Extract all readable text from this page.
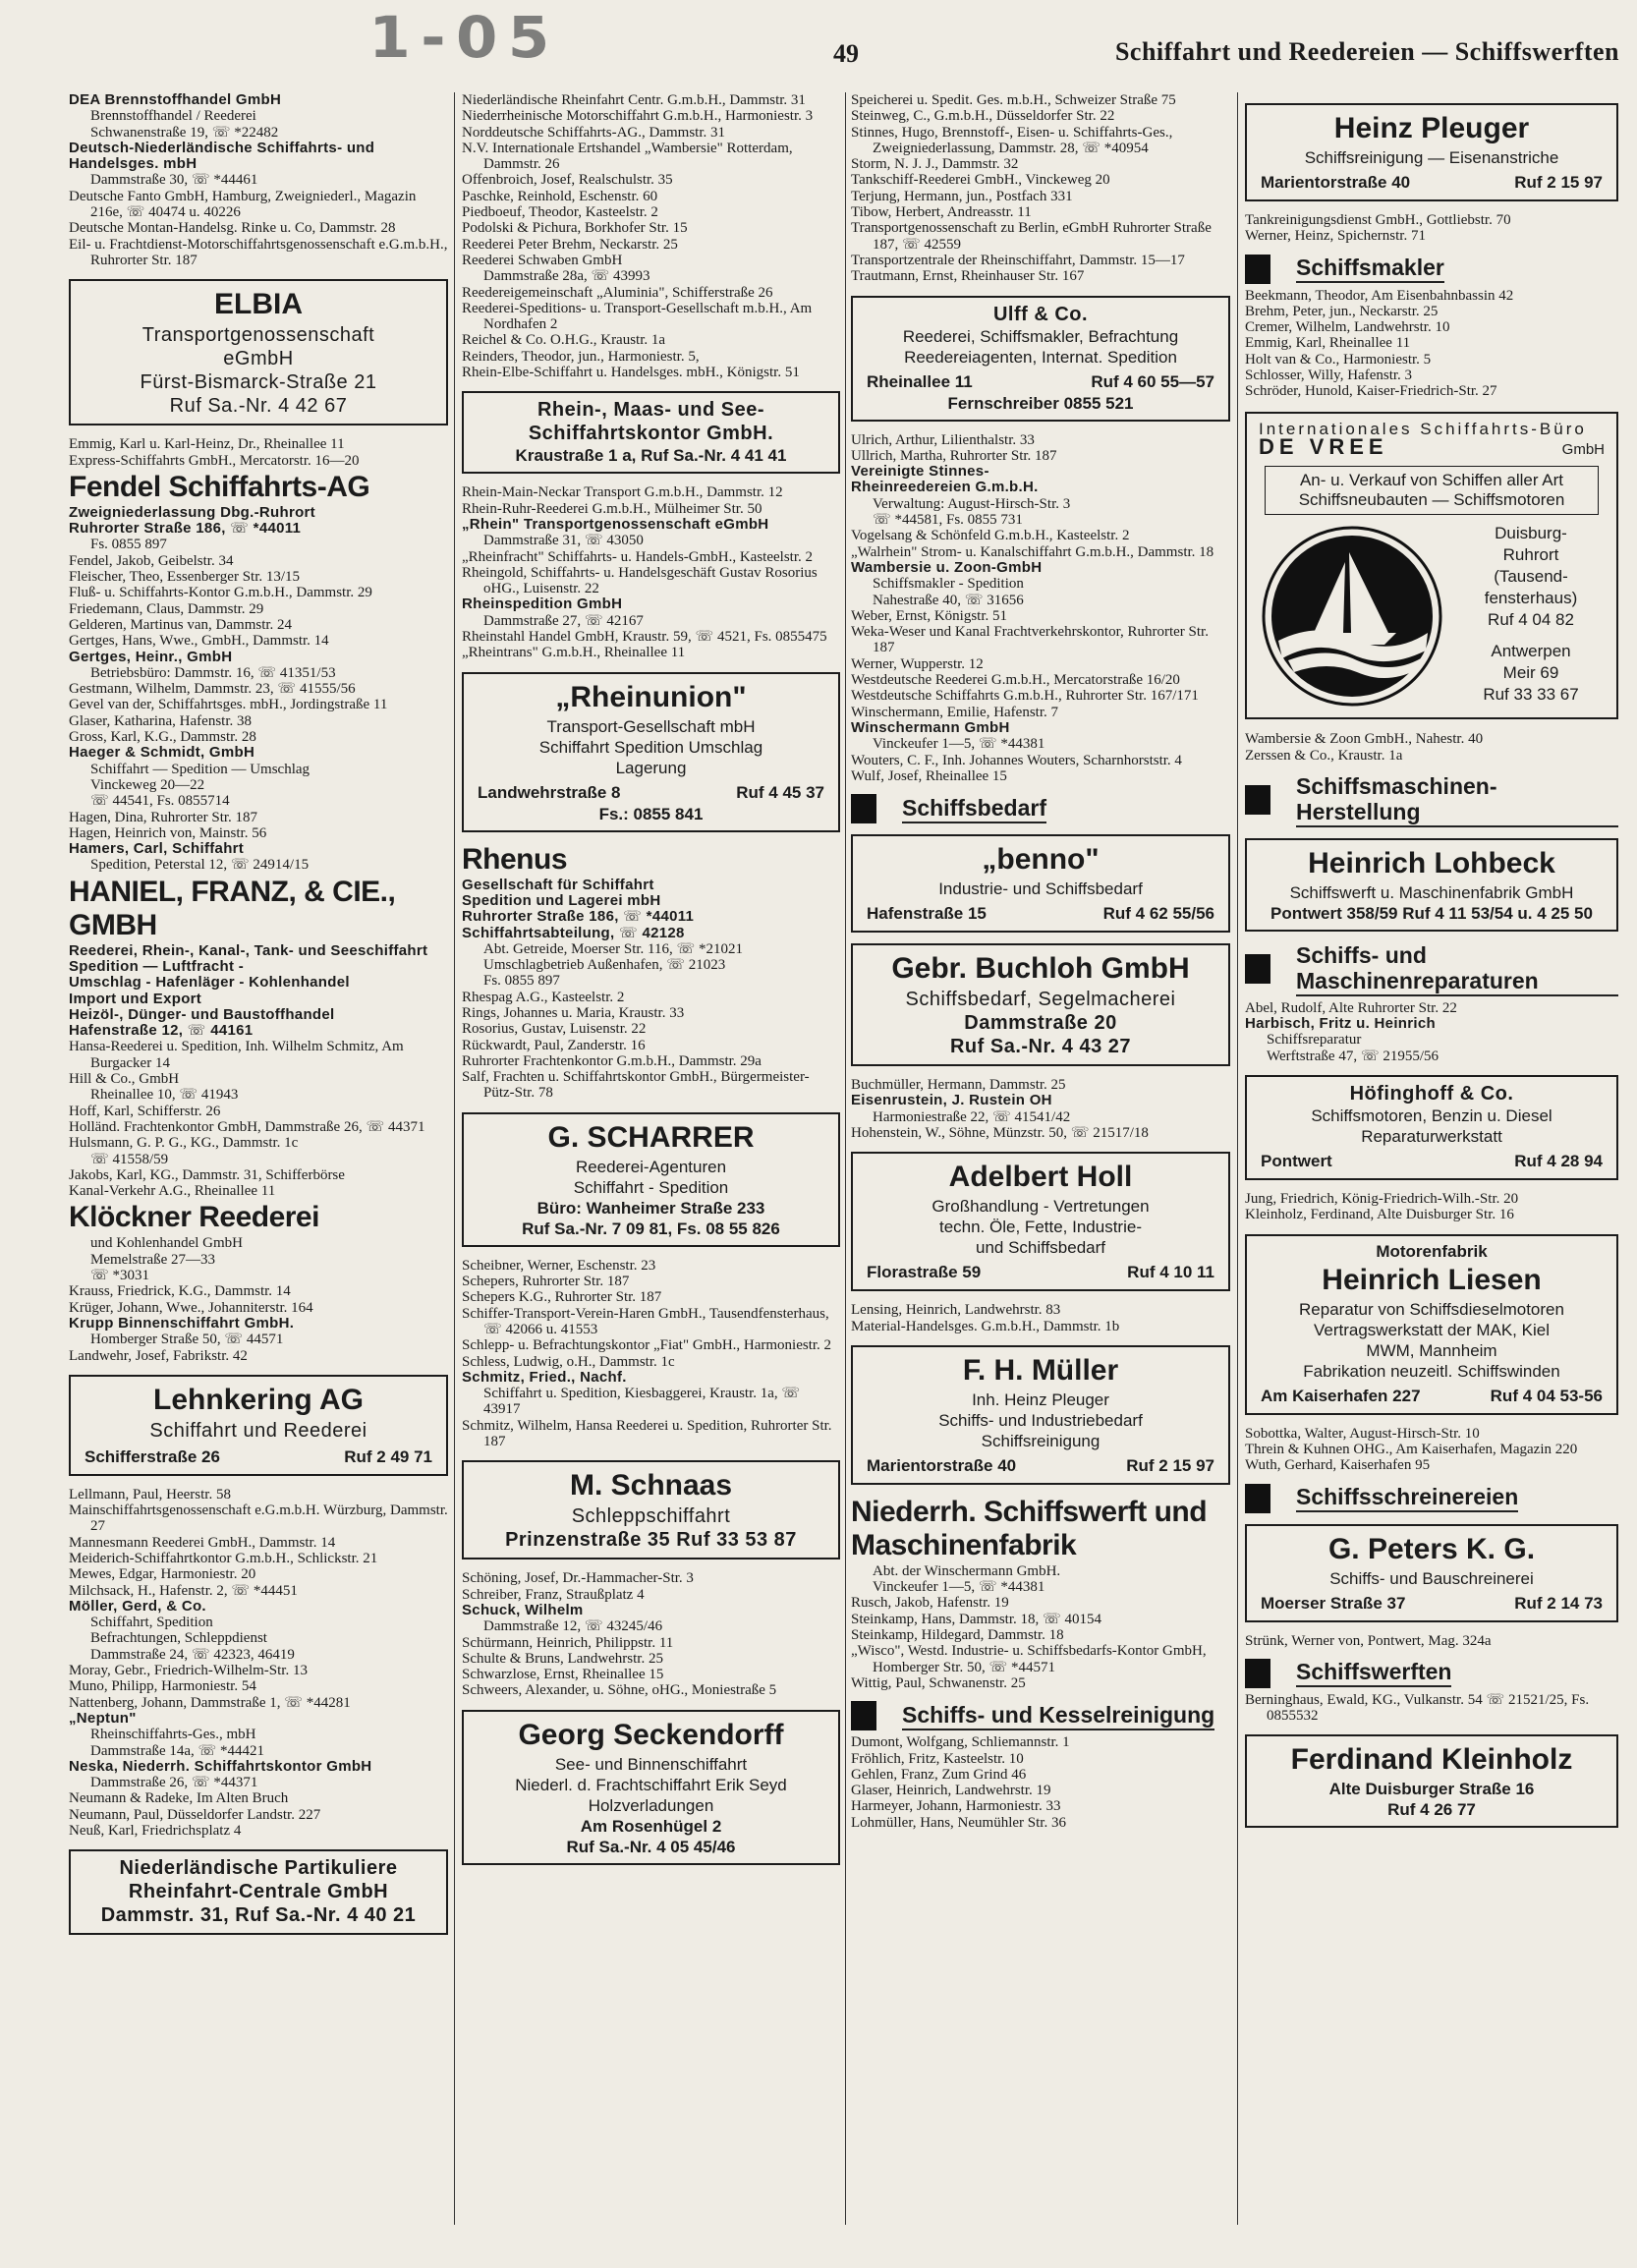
1-05	49	Schiffahrt und Reedereien — Schiffswerften
DEA Brennstoffhandel GmbH
Brennstoffhandel / Reederei
Schwanenstraße 19, ☏ *22482
Deutsch-Niederländische Schiffahrts- und Handelsges. mbH
Dammstraße 30, ☏ *44461
Deutsche Fanto GmbH, Hamburg, Zweigniederl., Magazin 216e, ☏ 40474 u. 40226
Deutsche Montan-Handelsg. Rinke u. Co, Dammstr. 28
Eil- u. Frachtdienst-Motorschiffahrtsgenossenschaft e.G.m.b.H., Ruhrorter Str. 187
ELBIA
Transportgenossenschaft
eGmbH
Fürst-Bismarck-Straße 21
Ruf Sa.-Nr. 4 42 67
Emmig, Karl u. Karl-Heinz, Dr., Rheinallee 11
Express-Schiffahrts GmbH., Mercatorstr. 16—20
Fendel Schiffahrts-AG
Zweigniederlassung Dbg.-Ruhrort
Ruhrorter Straße 186, ☏ *44011
Fs. 0855 897
Fendel, Jakob, Geibelstr. 34
Fleischer, Theo, Essenberger Str. 13/15
Fluß- u. Schiffahrts-Kontor G.m.b.H., Dammstr. 29
Friedemann, Claus, Dammstr. 29
Gelderen, Martinus van, Dammstr. 24
Gertges, Hans, Wwe., GmbH., Dammstr. 14
Gertges, Heinr., GmbH
Betriebsbüro: Dammstr. 16, ☏ 41351/53
Gestmann, Wilhelm, Dammstr. 23, ☏ 41555/56
Gevel van der, Schiffahrtsges. mbH., Jordingstraße 11
Glaser, Katharina, Hafenstr. 38
Gross, Karl, K.G., Dammstr. 28
Haeger & Schmidt, GmbH
Schiffahrt — Spedition — Umschlag
Vinckeweg 20—22
☏ 44541, Fs. 0855714
Hagen, Dina, Ruhrorter Str. 187
Hagen, Heinrich von, Mainstr. 56
Hamers, Carl, Schiffahrt
Spedition, Peterstal 12, ☏ 24914/15
HANIEL, FRANZ, & CIE., GMBH
Reederei, Rhein-, Kanal-, Tank- und Seeschiffahrt
Spedition — Luftfracht -
Umschlag - Hafenläger - Kohlenhandel
Import und Export
Heizöl-, Dünger- und Baustoffhandel
Hafenstraße 12, ☏ 44161
Hansa-Reederei u. Spedition, Inh. Wilhelm Schmitz, Am Burgacker 14
Hill & Co., GmbH
Rheinallee 10, ☏ 41943
Hoff, Karl, Schifferstr. 26
Holländ. Frachtenkontor GmbH, Dammstraße 26, ☏ 44371
Hulsmann, G. P. G., KG., Dammstr. 1c
☏ 41558/59
Jakobs, Karl, KG., Dammstr. 31, Schifferbörse
Kanal-Verkehr A.G., Rheinallee 11
Klöckner Reederei
und Kohlenhandel GmbH
Memelstraße 27—33
☏ *3031
Krauss, Friedrick, K.G., Dammstr. 14
Krüger, Johann, Wwe., Johanniterstr. 164
Krupp Binnenschiffahrt GmbH.
Homberger Straße 50, ☏ 44571
Landwehr, Josef, Fabrikstr. 42
Lehnkering AG
Schiffahrt und Reederei
Schifferstraße 26	Ruf 2 49 71
Lellmann, Paul, Heerstr. 58
Mainschiffahrtsgenossenschaft e.G.m.b.H. Würzburg, Dammstr. 27
Mannesmann Reederei GmbH., Dammstr. 14
Meiderich-Schiffahrtkontor G.m.b.H., Schlickstr. 21
Mewes, Edgar, Harmoniestr. 20
Milchsack, H., Hafenstr. 2, ☏ *44451
Möller, Gerd, & Co.
Schiffahrt, Spedition
Befrachtungen, Schleppdienst
Dammstraße 24, ☏ 42323, 46419
Moray, Gebr., Friedrich-Wilhelm-Str. 13
Muno, Philipp, Harmoniestr. 54
Nattenberg, Johann, Dammstraße 1, ☏ *44281
„Neptun"
Rheinschiffahrts-Ges., mbH
Dammstraße 14a, ☏ *44421
Neska, Niederrh. Schiffahrtskontor GmbH
Dammstraße 26, ☏ *44371
Neumann & Radeke, Im Alten Bruch
Neumann, Paul, Düsseldorfer Landstr. 227
Neuß, Karl, Friedrichsplatz 4
Niederländische Partikuliere
Rheinfahrt-Centrale GmbH
Dammstr. 31, Ruf Sa.-Nr. 4 40 21
Niederländische Rheinfahrt Centr. G.m.b.H., Dammstr. 31
Niederrheinische Motorschiffahrt G.m.b.H., Harmoniestr. 3
Norddeutsche Schiffahrts-AG., Dammstr. 31
N.V. Internationale Ertshandel „Wambersie" Rotterdam, Dammstr. 26
Offenbroich, Josef, Realschulstr. 35
Paschke, Reinhold, Eschenstr. 60
Piedboeuf, Theodor, Kasteelstr. 2
Podolski & Pichura, Borkhofer Str. 15
Reederei Peter Brehm, Neckarstr. 25
Reederei Schwaben GmbH
Dammstraße 28a, ☏ 43993
Reedereigemeinschaft „Aluminia", Schifferstraße 26
Reederei-Speditions- u. Transport-Gesellschaft m.b.H., Am Nordhafen 2
Reichel & Co. O.H.G., Kraustr. 1a
Reinders, Theodor, jun., Harmoniestr. 5,
Rhein-Elbe-Schiffahrt u. Handelsges. mbH., Königstr. 51
Rhein-, Maas- und See-
Schiffahrtskontor GmbH.
Kraustraße 1 a, Ruf Sa.-Nr. 4 41 41
Rhein-Main-Neckar Transport G.m.b.H., Dammstr. 12
Rhein-Ruhr-Reederei G.m.b.H., Mülheimer Str. 50
„Rhein" Transportgenossenschaft eGmbH
Dammstraße 31, ☏ 43050
„Rheinfracht" Schiffahrts- u. Handels-GmbH., Kasteelstr. 2
Rheingold, Schiffahrts- u. Handelsgeschäft Gustav Rosorius oHG., Luisenstr. 22
Rheinspedition GmbH
Dammstraße 27, ☏ 42167
Rheinstahl Handel GmbH, Kraustr. 59, ☏ 4521, Fs. 0855475
„Rheintrans" G.m.b.H., Rheinallee 11
„Rheinunion"
Transport-Gesellschaft mbH
Schiffahrt Spedition Umschlag
Lagerung
Landwehrstraße 8	Ruf 4 45 37
Fs.: 0855 841
Rhenus
Gesellschaft für Schiffahrt
Spedition und Lagerei mbH
Ruhrorter Straße 186, ☏ *44011
Schiffahrtsabteilung, ☏ 42128
Abt. Getreide, Moerser Str. 116, ☏ *21021
Umschlagbetrieb Außenhafen, ☏ 21023
Fs. 0855 897
Rhespag A.G., Kasteelstr. 2
Rings, Johannes u. Maria, Kraustr. 33
Rosorius, Gustav, Luisenstr. 22
Rückwardt, Paul, Zanderstr. 16
Ruhrorter Frachtenkontor G.m.b.H., Dammstr. 29a
Salf, Frachten u. Schiffahrtskontor GmbH., Bürgermeister-Pütz-Str. 78
G. SCHARRER
Reederei-Agenturen
Schiffahrt - Spedition
Büro: Wanheimer Straße 233
Ruf Sa.-Nr. 7 09 81, Fs. 08 55 826
Scheibner, Werner, Eschenstr. 23
Schepers, Ruhrorter Str. 187
Schepers K.G., Ruhrorter Str. 187
Schiffer-Transport-Verein-Haren GmbH., Tausendfensterhaus, ☏ 42066 u. 41553
Schlepp- u. Befrachtungskontor „Fiat" GmbH., Harmoniestr. 2
Schless, Ludwig, o.H., Dammstr. 1c
Schmitz, Fried., Nachf.
Schiffahrt u. Spedition, Kiesbaggerei, Kraustr. 1a, ☏ 43917
Schmitz, Wilhelm, Hansa Reederei u. Spedition, Ruhrorter Str. 187
M. Schnaas
Schleppschiffahrt
Prinzenstraße 35 Ruf 33 53 87
Schöning, Josef, Dr.-Hammacher-Str. 3
Schreiber, Franz, Straußplatz 4
Schuck, Wilhelm
Dammstraße 12, ☏ 43245/46
Schürmann, Heinrich, Philippstr. 11
Schulte & Bruns, Landwehrstr. 25
Schwarzlose, Ernst, Rheinallee 15
Schweers, Alexander, u. Söhne, oHG., Moniestraße 5
Georg Seckendorff
See- und Binnenschiffahrt
Niederl. d. Frachtschiffahrt Erik Seyd
Holzverladungen
Am Rosenhügel 2
Ruf Sa.-Nr. 4 05 45/46
Speicherei u. Spedit. Ges. m.b.H., Schweizer Straße 75
Steinweg, C., G.m.b.H., Düsseldorfer Str. 22
Stinnes, Hugo, Brennstoff-, Eisen- u. Schiffahrts-Ges., Zweigniederlassung, Dammstr. 28, ☏ *40954
Storm, N. J. J., Dammstr. 32
Tankschiff-Reederei GmbH., Vinckeweg 20
Terjung, Hermann, jun., Postfach 331
Tibow, Herbert, Andreasstr. 11
Transportgenossenschaft zu Berlin, eGmbH Ruhrorter Straße 187, ☏ 42559
Transportzentrale der Rheinschiffahrt, Dammstr. 15—17
Trautmann, Ernst, Rheinhauser Str. 167
Ulff & Co.
Reederei, Schiffsmakler, Befrachtung
Reedereiagenten, Internat. Spedition
Rheinallee 11	Ruf 4 60 55—57
Fernschreiber 0855 521
Ulrich, Arthur, Lilienthalstr. 33
Ullrich, Martha, Ruhrorter Str. 187
Vereinigte Stinnes-
Rheinreedereien G.m.b.H.
Verwaltung: August-Hirsch-Str. 3
☏ *44581, Fs. 0855 731
Vogelsang & Schönfeld G.m.b.H., Kasteelstr. 2
„Walrhein" Strom- u. Kanalschiffahrt G.m.b.H., Dammstr. 18
Wambersie u. Zoon-GmbH
Schiffsmakler - Spedition
Nahestraße 40, ☏ 31656
Weber, Ernst, Königstr. 51
Weka-Weser und Kanal Frachtverkehrskontor, Ruhrorter Str. 187
Werner, Wupperstr. 12
Westdeutsche Reederei G.m.b.H., Mercatorstraße 16/20
Westdeutsche Schiffahrts G.m.b.H., Ruhrorter Str. 167/171
Winschermann, Emilie, Hafenstr. 7
Winschermann GmbH
Vinckeufer 1—5, ☏ *44381
Wouters, C. F., Inh. Johannes Wouters, Scharnhorststr. 4
Wulf, Josef, Rheinallee 15
Schiffsbedarf
„benno"
Industrie- und Schiffsbedarf
Hafenstraße 15	Ruf 4 62 55/56
Gebr. Buchloh GmbH
Schiffsbedarf, Segelmacherei
Dammstraße 20
Ruf Sa.-Nr. 4 43 27
Buchmüller, Hermann, Dammstr. 25
Eisenrustein, J. Rustein OH
Harmoniestraße 22, ☏ 41541/42
Hohenstein, W., Söhne, Münzstr. 50, ☏ 21517/18
Adelbert Holl
Großhandlung - Vertretungen
techn. Öle, Fette, Industrie-
und Schiffsbedarf
Florastraße 59	Ruf 4 10 11
Lensing, Heinrich, Landwehrstr. 83
Material-Handelsges. G.m.b.H., Dammstr. 1b
F. H. Müller
Inh. Heinz Pleuger
Schiffs- und Industriebedarf
Schiffsreinigung
Marientorstraße 40	Ruf 2 15 97
Niederrh. Schiffswerft und Maschinenfabrik
Abt. der Winschermann GmbH.
Vinckeufer 1—5, ☏ *44381
Rusch, Jakob, Hafenstr. 19
Steinkamp, Hans, Dammstr. 18, ☏ 40154
Steinkamp, Hildegard, Dammstr. 18
„Wisco", Westd. Industrie- u. Schiffsbedarfs-Kontor GmbH, Homberger Str. 50, ☏ *44571
Wittig, Paul, Schwanenstr. 25
Schiffs- und Kesselreinigung
Dumont, Wolfgang, Schliemannstr. 1
Fröhlich, Fritz, Kasteelstr. 10
Gehlen, Franz, Zum Grind 46
Glaser, Heinrich, Landwehrstr. 19
Harmeyer, Johann, Harmoniestr. 33
Lohmüller, Hans, Neumühler Str. 36
Heinz Pleuger
Schiffsreinigung — Eisenanstriche
Marientorstraße 40	Ruf 2 15 97
Tankreinigungsdienst GmbH., Gottliebstr. 70
Werner, Heinz, Spichernstr. 71
Schiffsmakler
Beekmann, Theodor, Am Eisenbahnbassin 42
Brehm, Peter, jun., Neckarstr. 25
Cremer, Wilhelm, Landwehrstr. 10
Emmig, Karl, Rheinallee 11
Holt van & Co., Harmoniestr. 5
Schlosser, Willy, Hafenstr. 3
Schröder, Hunold, Kaiser-Friedrich-Str. 27
Internationales Schiffahrts-Büro
DE VREE	GmbH
An- u. Verkauf von Schiffen aller Art
Schiffsneubauten — Schiffsmotoren
Duisburg-
Ruhrort
(Tausend-
fensterhaus)
Ruf 4 04 82
Antwerpen
Meir 69
Ruf 33 33 67
Wambersie & Zoon GmbH., Nahestr. 40
Zerssen & Co., Kraustr. 1a
Schiffsmaschinen-Herstellung
Heinrich Lohbeck
Schiffswerft u. Maschinenfabrik GmbH
Pontwert 358/59 Ruf 4 11 53/54 u. 4 25 50
Schiffs- und Maschinenreparaturen
Abel, Rudolf, Alte Ruhrorter Str. 22
Harbisch, Fritz u. Heinrich
Schiffsreparatur
Werftstraße 47, ☏ 21955/56
Höfinghoff & Co.
Schiffsmotoren, Benzin u. Diesel
Reparaturwerkstatt
Pontwert	Ruf 4 28 94
Jung, Friedrich, König-Friedrich-Wilh.-Str. 20
Kleinholz, Ferdinand, Alte Duisburger Str. 16
Motorenfabrik
Heinrich Liesen
Reparatur von Schiffsdieselmotoren
Vertragswerkstatt der MAK, Kiel
MWM, Mannheim
Fabrikation neuzeitl. Schiffswinden
Am Kaiserhafen 227	Ruf 4 04 53-56
Sobottka, Walter, August-Hirsch-Str. 10
Threin & Kuhnen OHG., Am Kaiserhafen, Magazin 220
Wuth, Gerhard, Kaiserhafen 95
Schiffsschreinereien
G. Peters K. G.
Schiffs- und Bauschreinerei
Moerser Straße 37	Ruf 2 14 73
Strünk, Werner von, Pontwert, Mag. 324a
Schiffswerften
Berninghaus, Ewald, KG., Vulkanstr. 54 ☏ 21521/25, Fs. 0855532
Ferdinand Kleinholz
Alte Duisburger Straße 16
Ruf 4 26 77
